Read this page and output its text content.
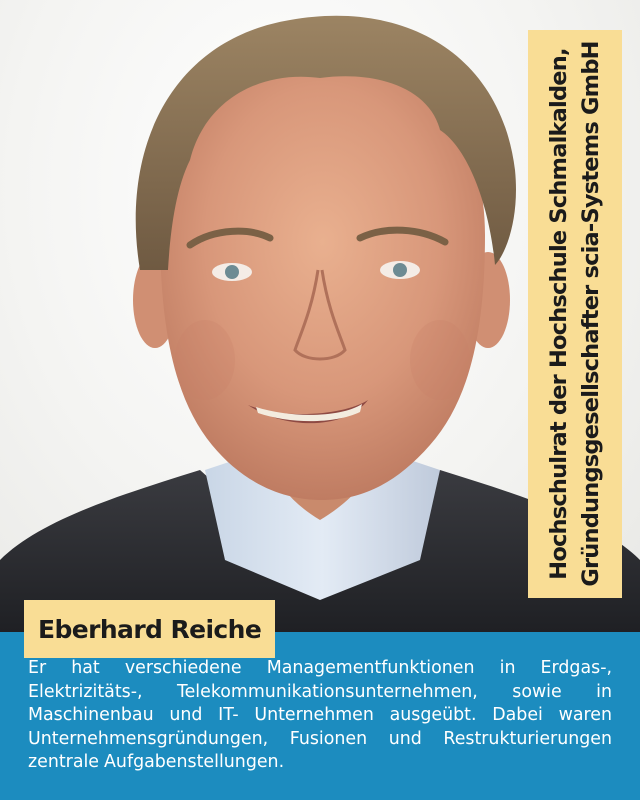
Hochschulrat der Hochschule Schmalkalden, Gründungsgesellschafter scia-Systems GmbH
Eberhard Reiche

Er hat verschiedene Managementfunktionen in Erdgas-,
Elektrizitäts-, Telekommunikationsunternehmen, sowie in
Maschinenbau und IT- Unternehmen ausgeübt. Dabei waren
Unternehmensgründungen, Fusionen und Restrukturierungen
zentrale Aufgabenstellungen.
